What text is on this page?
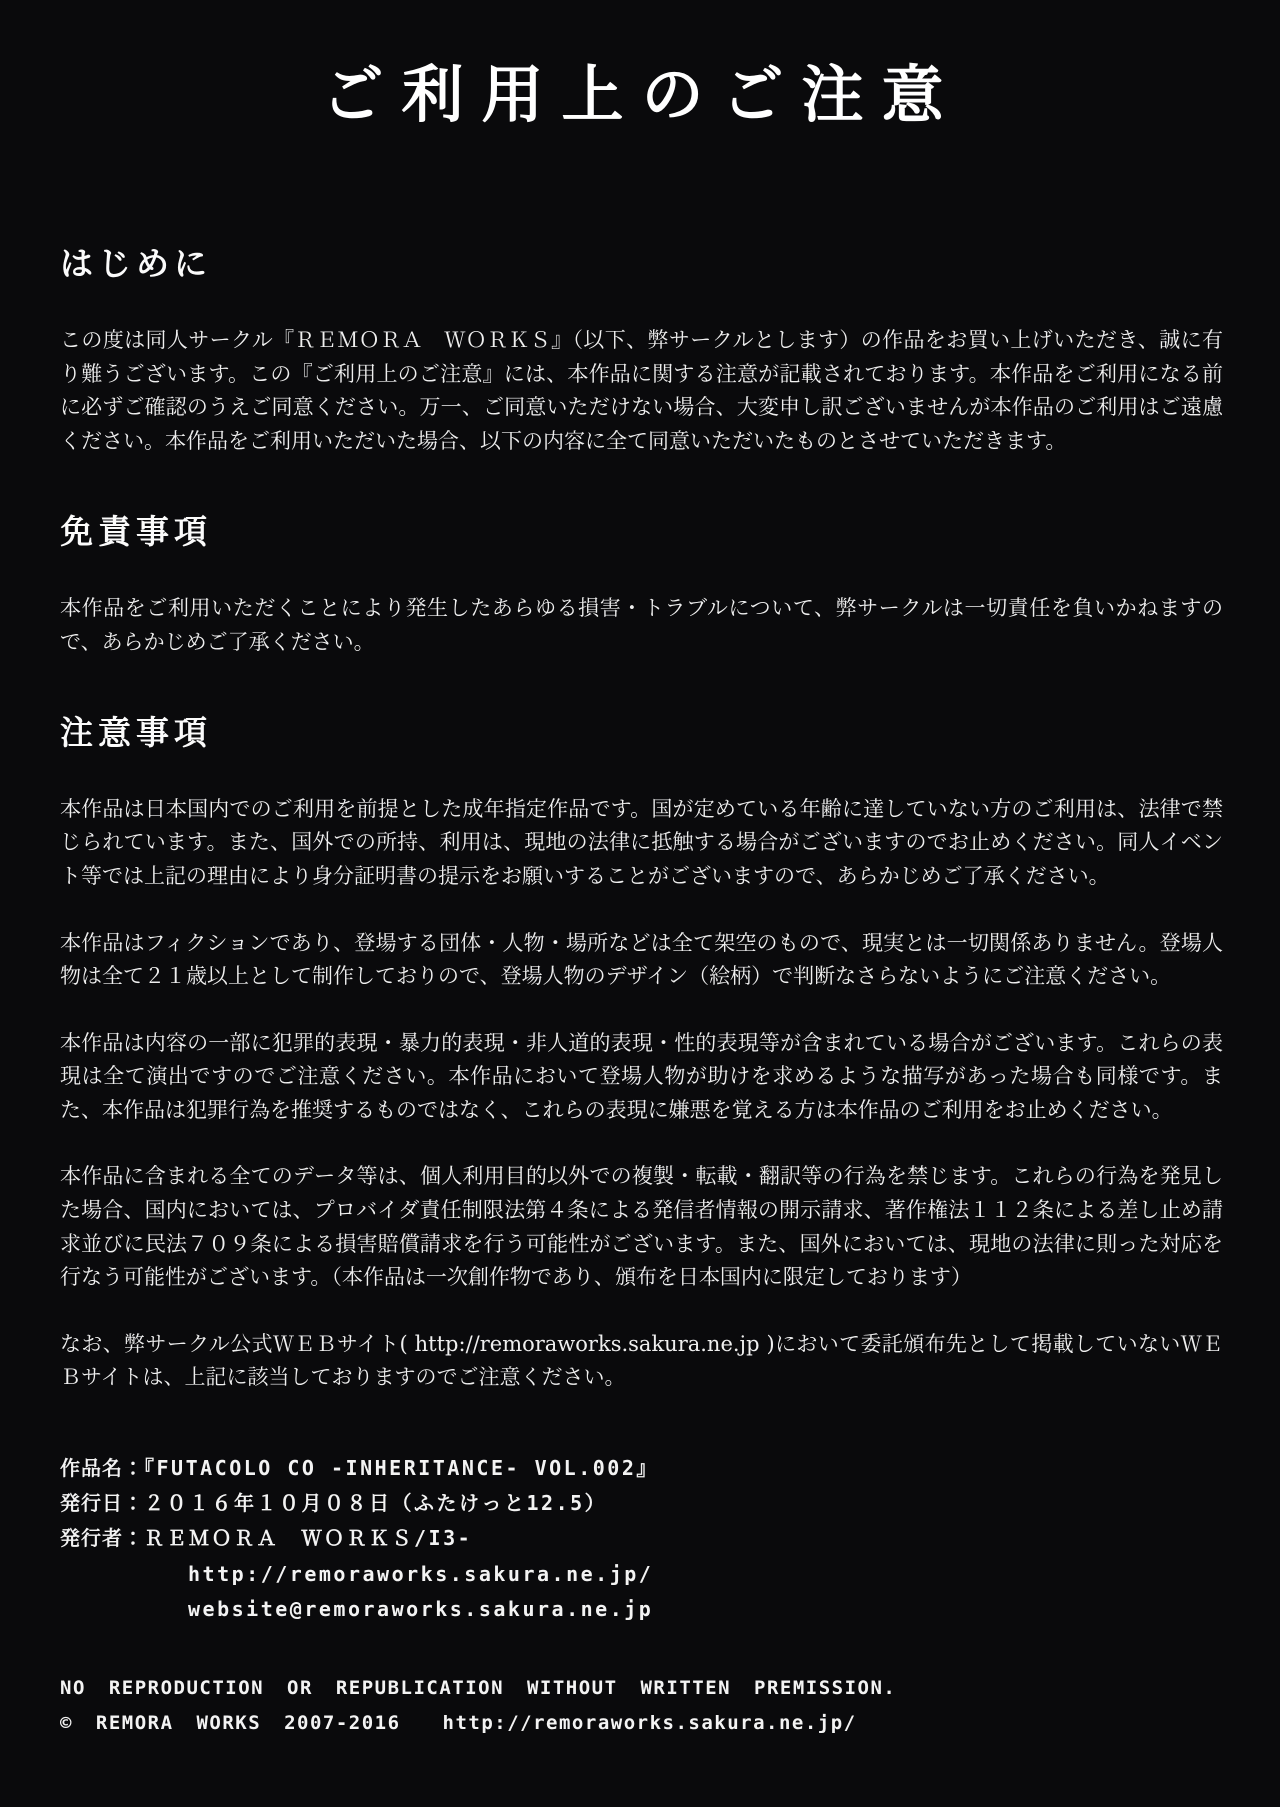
ご利用上のご注意
はじめに

この度は同人サークル『ＲＥＭＯＲＡ　ＷＯＲＫＳ』（以下、弊サークルとします）の作品をお買い上げいただき、誠に有り難うございます。この『ご利用上のご注意』には、本作品に関する注意が記載されております。本作品をご利用になる前に必ずご確認のうえご同意ください。万一、ご同意いただけない場合、大変申し訳ございませんが本作品のご利用はご遠慮ください。本作品をご利用いただいた場合、以下の内容に全て同意いただいたものとさせていただきます。

免責事項

本作品をご利用いただくことにより発生したあらゆる損害・トラブルについて、弊サークルは一切責任を負いかねますので、あらかじめご了承ください。

注意事項

本作品は日本国内でのご利用を前提とした成年指定作品です。国が定めている年齢に達していない方のご利用は、法律で禁じられています。また、国外での所持、利用は、現地の法律に抵触する場合がございますのでお止めください。同人イベント等では上記の理由により身分証明書の提示をお願いすることがございますので、あらかじめご了承ください。

本作品はフィクションであり、登場する団体・人物・場所などは全て架空のもので、現実とは一切関係ありません。登場人物は全て２１歳以上として制作しておりので、登場人物のデザイン（絵柄）で判断なさらないようにご注意ください。

本作品は内容の一部に犯罪的表現・暴力的表現・非人道的表現・性的表現等が含まれている場合がございます。これらの表現は全て演出ですのでご注意ください。本作品において登場人物が助けを求めるような描写があった場合も同様です。また、本作品は犯罪行為を推奨するものではなく、これらの表現に嫌悪を覚える方は本作品のご利用をお止めください。

本作品に含まれる全てのデータ等は、個人利用目的以外での複製・転載・翻訳等の行為を禁じます。これらの行為を発見した場合、国内においては、プロバイダ責任制限法第４条による発信者情報の開示請求、著作権法１１２条による差し止め請求並びに民法７０９条による損害賠償請求を行う可能性がございます。また、国外においては、現地の法律に則った対応を行なう可能性がございます。（本作品は一次創作物であり、頒布を日本国内に限定しております）

なお、弊サークル公式ＷＥＢサイト( http://remoraworks.sakura.ne.jp )において委託頒布先として掲載していないＷＥＢサイトは、上記に該当しておりますのでご注意ください。

作品名：『FUTACOLO CO -INHERITANCE- VOL.002』
発行日：２０１６年１０月０８日（ふたけっと12.5）
発行者：ＲＥＭＯＲＡ　ＷＯＲＫＳ/I3-
http://remoraworks.sakura.ne.jp/
website@remoraworks.sakura.ne.jp
NO REPRODUCTION OR REPUBLICATION WITHOUT WRITTEN PREMISSION.
© REMORA WORKS 2007-2016 http://remoraworks.sakura.ne.jp/
